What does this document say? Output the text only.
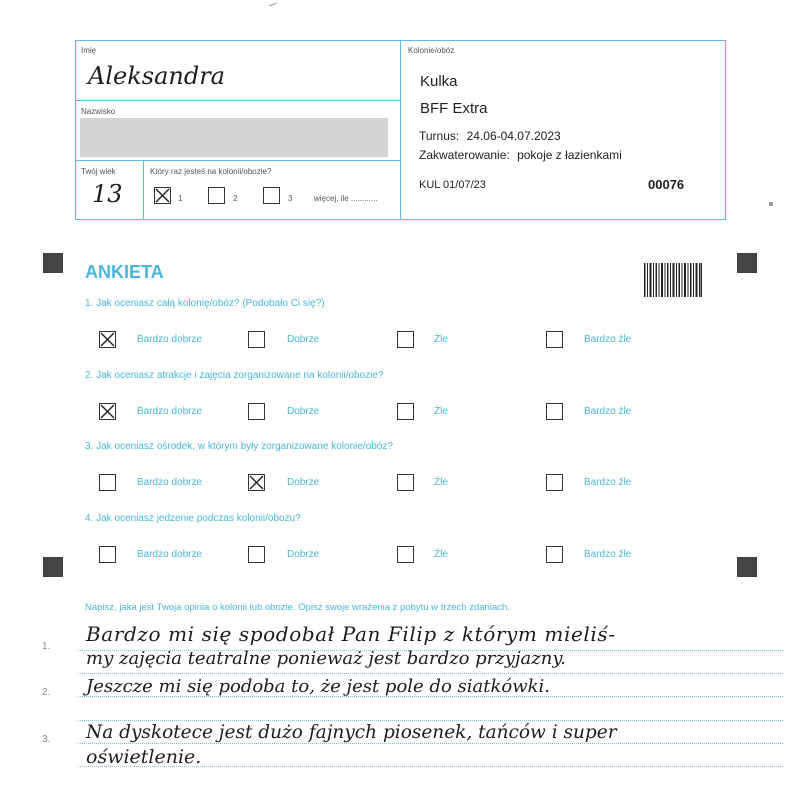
Imię
Aleksandra
Nazwisko
Twój wiek
13
Który raz jesteś na kolonii/obozie?
1	2	3	więcej, ile ............
Kolonie/obóz
Kulka
BFF Extra
Turnus: 24.06-04.07.2023
Zakwaterowanie: pokoje z łazienkami
KUL 01/07/23	00076
ANKIETA
1. Jak oceniasz całą kolonię/obóz? (Podobało Ci się?)
Bardzo dobrze	Dobrze	Źle	Bardzo źle
2. Jak oceniasz atrakcje i zajęcia zorganizowane na kolonii/obozie?
Bardzo dobrze	Dobrze	Źle	Bardzo źle
3. Jak oceniasz ośrodek, w którym były zorganizowane kolonie/obóz?
Bardzo dobrze	Dobrze	Źle	Bardzo źle
4. Jak oceniasz jedzenie podczas kolonii/obozu?
Bardzo dobrze	Dobrze	Źle	Bardzo źle
Napisz, jaka jest Twoja opinia o kolonii lub obozie. Opisz swoje wrażenia z pobytu w trzech zdaniach.
1.
2.
3.
Bardzo mi się spodobał Pan Filip z którym mieliś-
my zajęcia teatralne ponieważ jest bardzo przyjazny.
Jeszcze mi się podoba to, że jest pole do siatkówki.
Na dyskotece jest dużo fajnych piosenek, tańców i super
oświetlenie.
